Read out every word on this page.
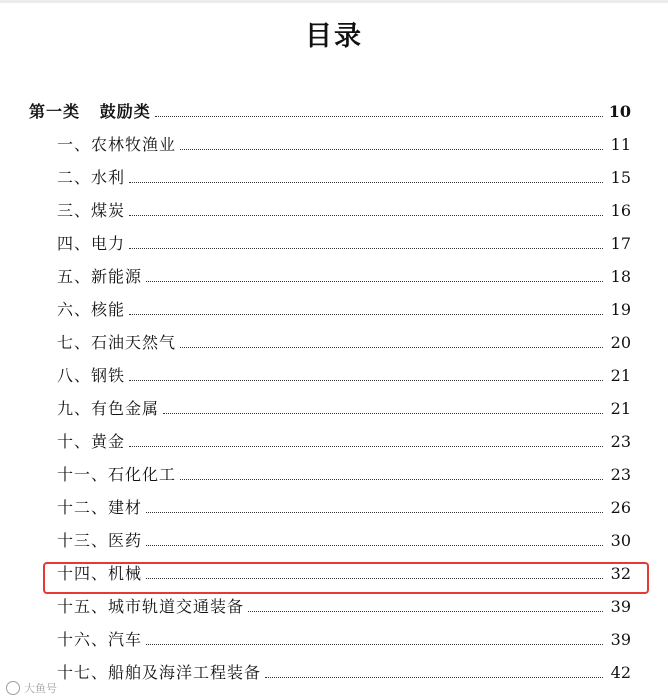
目录
第一类   鼓励类	10
一、农林牧渔业	11
二、水利	15
三、煤炭	16
四、电力	17
五、新能源	18
六、核能	19
七、石油天然气	20
八、钢铁	21
九、有色金属	21
十、黄金	23
十一、石化化工	23
十二、建材	26
十三、医药	30
十四、机械	32
十五、城市轨道交通装备	39
十六、汽车	39
十七、船舶及海洋工程装备	42
大鱼号
